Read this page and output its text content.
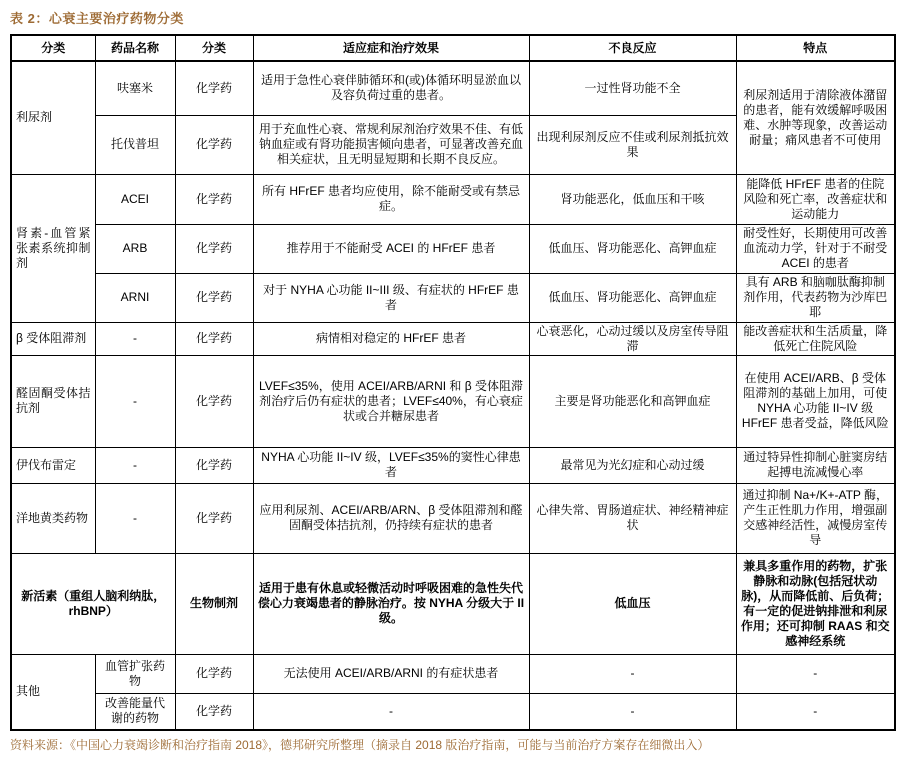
表 2：心衰主要治疗药物分类
分类	药品名称	分类	适应症和治疗效果	不良反应	特点
利尿剂	呋塞米	化学药	适用于急性心衰伴肺循环和(或)体循环明显淤血以及容负荷过重的患者。	一过性肾功能不全	利尿剂适用于清除液体潴留的患者，能有效缓解呼吸困难、水肿等现象，改善运动耐量；痛风患者不可使用
	托伐普坦	化学药	用于充血性心衰、常规利尿剂治疗效果不佳、有低钠血症或有肾功能损害倾向患者，可显著改善充血相关症状，且无明显短期和长期不良反应。	出现利尿剂反应不佳或利尿剂抵抗效果	
肾素-血管紧张素系统抑制剂	ACEI	化学药	所有 HFrEF 患者均应使用，除不能耐受或有禁忌症。	肾功能恶化，低血压和干咳	能降低 HFrEF 患者的住院风险和死亡率，改善症状和运动能力
	ARB	化学药	推荐用于不能耐受 ACEI 的 HFrEF 患者	低血压、肾功能恶化、高钾血症	耐受性好，长期使用可改善血流动力学，针对于不耐受 ACEI 的患者
	ARNI	化学药	对于 NYHA 心功能 II~III 级、有症状的 HFrEF 患者	低血压、肾功能恶化、高钾血症	具有 ARB 和脑咖肽酶抑制剂作用，代表药物为沙库巴耶
β 受体阻滞剂	-	化学药	病情相对稳定的 HFrEF 患者	心衰恶化，心动过缓以及房室传导阻滞	能改善症状和生活质量，降低死亡住院风险
醛固酮受体拮抗剂	-	化学药	LVEF≤35%，使用 ACEI/ARB/ARNI 和 β 受体阻滞剂治疗后仍有症状的患者；LVEF≤40%，有心衰症状或合并糖尿患者	主要是肾功能恶化和高钾血症	在使用 ACEI/ARB、β 受体阻滞剂的基础上加用，可使 NYHA 心功能 II~IV 级 HFrEF 患者受益，降低风险
伊伐布雷定	-	化学药	NYHA 心功能 II~IV 级，LVEF≤35%的窦性心律患者	最常见为光幻症和心动过缓	通过特异性抑制心脏窦房结起搏电流减慢心率
洋地黄类药物	-	化学药	应用利尿剂、ACEI/ARB/ARN、β 受体阻滞剂和醛固酮受体拮抗剂，仍持续有症状的患者	心律失常、胃肠道症状、神经精神症状	通过抑制 Na+/K+-ATP 酶，产生正性肌力作用，增强副交感神经活性，减慢房室传导
新活素（重组人脑利纳肽，rhBNP）		生物制剂	适用于患有休息或轻微活动时呼吸困难的急性失代偿心力衰竭患者的静脉治疗。按 NYHA 分级大于 II 级。	低血压	兼具多重作用的药物，扩张静脉和动脉(包括冠状动脉)，从而降低前、后负荷；有一定的促进钠排泄和利尿作用；还可抑制 RAAS 和交感神经系统
其他	血管扩张药物	化学药	无法使用 ACEI/ARB/ARNI 的有症状患者	-	-
	改善能量代谢的药物	化学药	-	-	-
资料来源：《中国心力衰竭诊断和治疗指南 2018》，德邦研究所整理（摘录自 2018 版治疗指南，可能与当前治疗方案存在细微出入）
